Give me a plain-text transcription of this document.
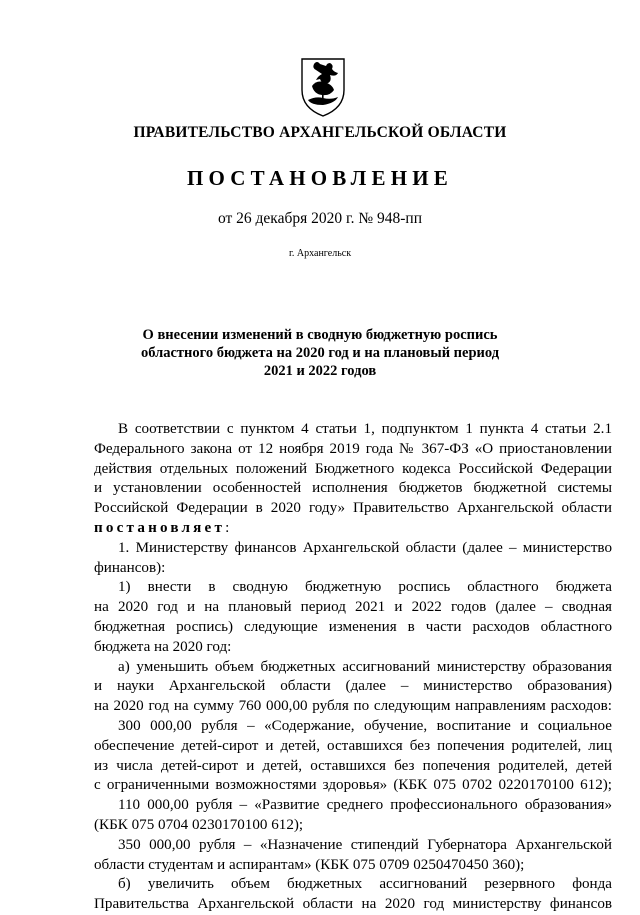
ПРАВИТЕЛЬСТВО АРХАНГЕЛЬСКОЙ ОБЛАСТИ
ПОСТАНОВЛЕНИЕ
от 26 декабря 2020 г. № 948-пп
г. Архангельск
О внесении изменений в сводную бюджетную роспись
областного бюджета на 2020 год и на плановый период
2021 и 2022 годов

В соответствии с пунктом 4 статьи 1, подпунктом 1 пункта 4 статьи 2.1

Федерального закона от 12 ноября 2019 года № 367-ФЗ «О приостановлении

действия отдельных положений Бюджетного кодекса Российской Федерации

и установлении особенностей исполнения бюджетов бюджетной системы

Российской Федерации в 2020 году» Правительство Архангельской области

постановляет:

1. Министерству финансов Архангельской области (далее – министерство

финансов):

1) внести в сводную бюджетную роспись областного бюджета

на 2020 год и на плановый период 2021 и 2022 годов (далее – сводная

бюджетная роспись) следующие изменения в части расходов областного

бюджета на 2020 год:

а) уменьшить объем бюджетных ассигнований министерству образования

и науки Архангельской области (далее – министерство образования)

на 2020 год на сумму 760 000,00 рубля по следующим направлениям расходов:

300 000,00 рубля – «Содержание, обучение, воспитание и социальное

обеспечение детей-сирот и детей, оставшихся без попечения родителей, лиц

из числа детей-сирот и детей, оставшихся без попечения родителей, детей

с ограниченными возможностями здоровья» (КБК 075 0702 0220170100 612);

110 000,00 рубля – «Развитие среднего профессионального образования»

(КБК 075 0704 0230170100 612);

350 000,00 рубля – «Назначение стипендий Губернатора Архангельской

области студентам и аспирантам» (КБК 075 0709 0250470450 360);

б) увеличить объем бюджетных ассигнований резервного фонда

Правительства Архангельской области на 2020 год министерству финансов
